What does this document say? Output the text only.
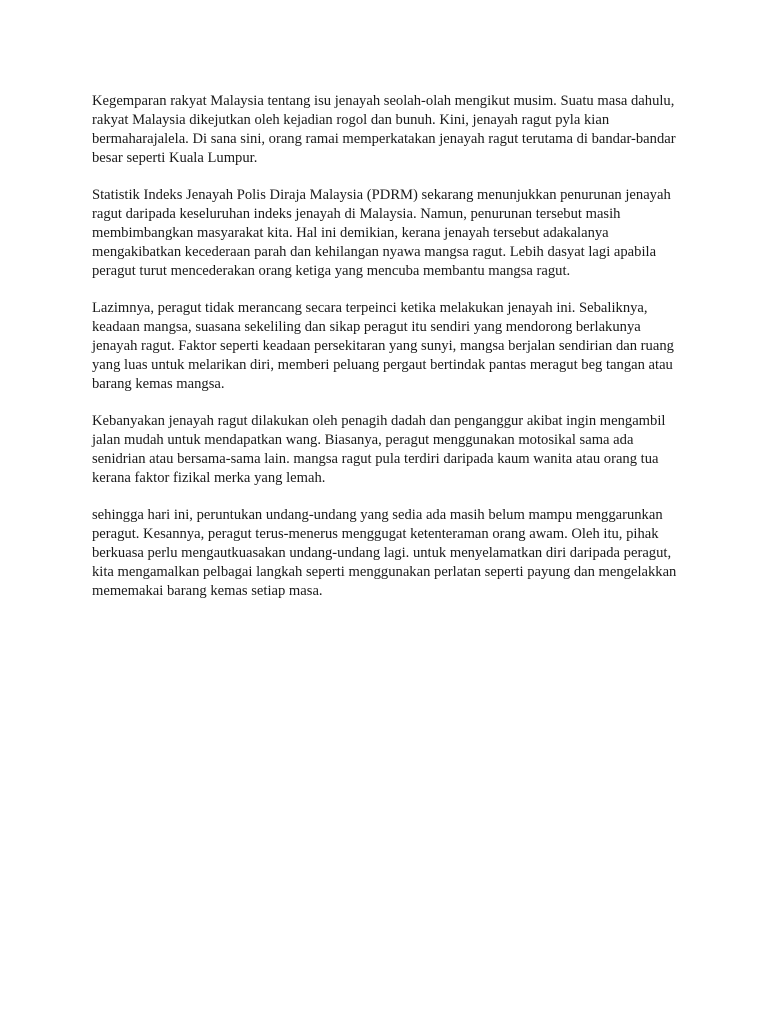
Kegemparan rakyat Malaysia tentang isu jenayah seolah-olah mengikut musim. Suatu masa dahulu, rakyat Malaysia dikejutkan oleh kejadian rogol dan bunuh. Kini, jenayah ragut pyla kian bermaharajalela. Di sana sini, orang ramai memperkatakan jenayah ragut terutama di bandar-bandar besar seperti Kuala Lumpur.

Statistik Indeks Jenayah Polis Diraja Malaysia (PDRM) sekarang menunjukkan penurunan jenayah ragut daripada keseluruhan indeks jenayah di Malaysia. Namun, penurunan tersebut masih membimbangkan masyarakat kita. Hal ini demikian, kerana jenayah tersebut adakalanya mengakibatkan kecederaan parah dan kehilangan nyawa mangsa ragut. Lebih dasyat lagi apabila peragut turut mencederakan orang ketiga yang mencuba membantu mangsa ragut.

Lazimnya, peragut tidak merancang secara terpeinci ketika melakukan jenayah ini. Sebaliknya, keadaan mangsa, suasana sekeliling dan sikap peragut itu sendiri yang mendorong berlakunya jenayah ragut. Faktor seperti keadaan persekitaran yang sunyi, mangsa berjalan sendirian dan ruang yang luas untuk melarikan diri, memberi peluang pergaut bertindak pantas meragut beg tangan atau barang kemas mangsa.

Kebanyakan jenayah ragut dilakukan oleh penagih dadah dan penganggur akibat ingin mengambil jalan mudah untuk mendapatkan wang. Biasanya, peragut menggunakan motosikal sama ada senidrian atau bersama-sama lain. mangsa ragut pula terdiri daripada kaum wanita atau orang tua kerana faktor fizikal merka yang lemah.

sehingga hari ini, peruntukan undang-undang yang sedia ada masih belum mampu menggarunkan peragut. Kesannya, peragut terus-menerus menggugat ketenteraman orang awam. Oleh itu, pihak berkuasa perlu mengautkuasakan undang-undang lagi. untuk menyelamatkan diri daripada peragut, kita mengamalkan pelbagai langkah seperti menggunakan perlatan seperti payung dan mengelakkan mememakai barang kemas setiap masa.
